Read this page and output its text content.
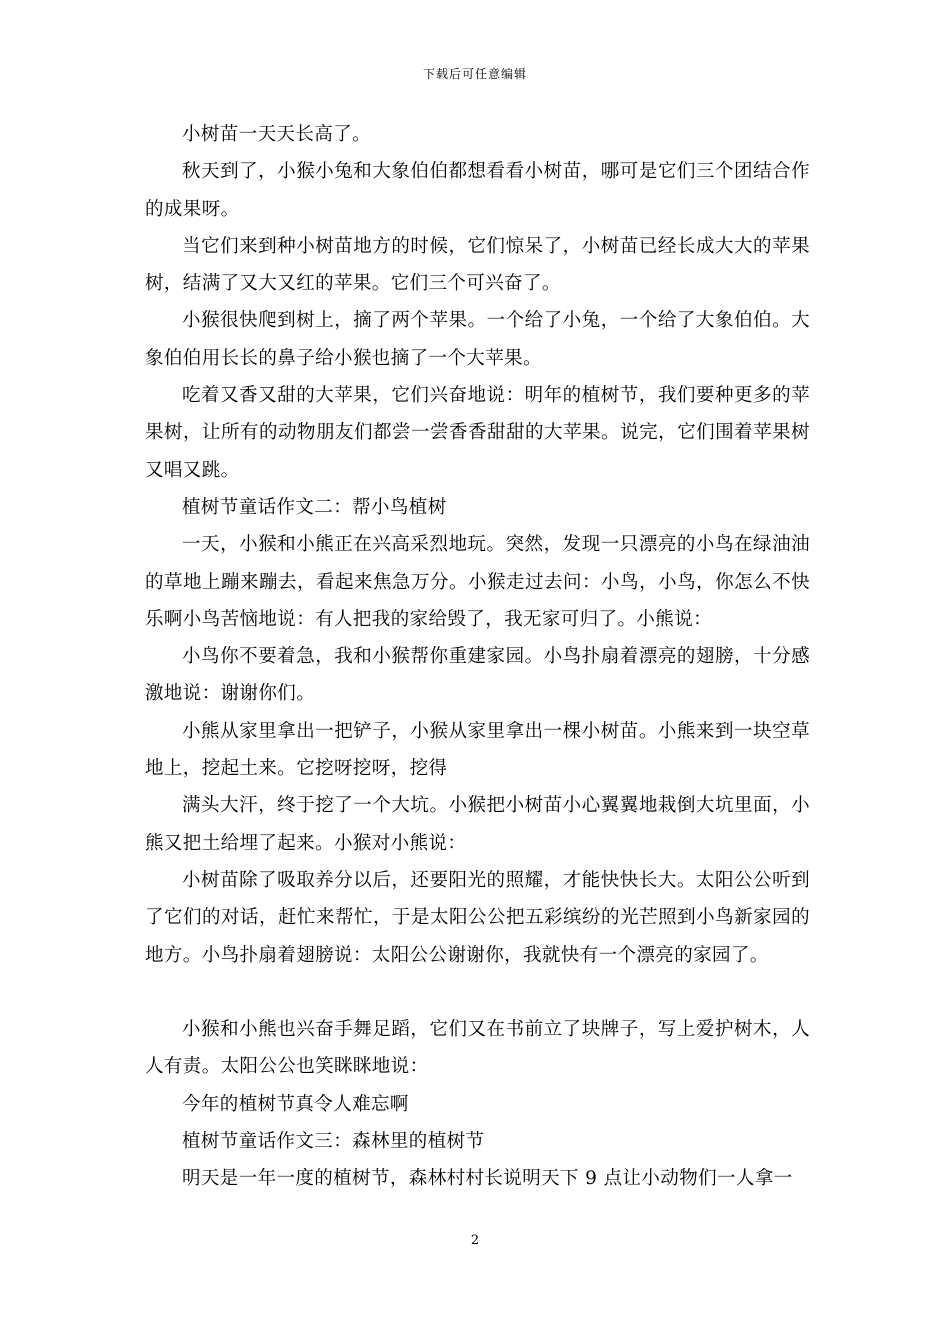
下载后可任意编辑

小树苗一天天长高了。

秋天到了，小猴小兔和大象伯伯都想看看小树苗，哪可是它们三个团结合作的成果呀。

当它们来到种小树苗地方的时候，它们惊呆了，小树苗已经长成大大的苹果树，结满了又大又红的苹果。它们三个可兴奋了。

小猴很快爬到树上，摘了两个苹果。一个给了小兔，一个给了大象伯伯。大象伯伯用长长的鼻子给小猴也摘了一个大苹果。

吃着又香又甜的大苹果，它们兴奋地说：明年的植树节，我们要种更多的苹果树，让所有的动物朋友们都尝一尝香香甜甜的大苹果。说完，它们围着苹果树又唱又跳。

植树节童话作文二：帮小鸟植树

一天，小猴和小熊正在兴高采烈地玩。突然，发现一只漂亮的小鸟在绿油油的草地上蹦来蹦去，看起来焦急万分。小猴走过去问：小鸟，小鸟，你怎么不快乐啊小鸟苦恼地说：有人把我的家给毁了，我无家可归了。小熊说：

小鸟你不要着急，我和小猴帮你重建家园。小鸟扑扇着漂亮的翅膀，十分感激地说：谢谢你们。

小熊从家里拿出一把铲子，小猴从家里拿出一棵小树苗。小熊来到一块空草地上，挖起土来。它挖呀挖呀，挖得

满头大汗，终于挖了一个大坑。小猴把小树苗小心翼翼地栽倒大坑里面，小熊又把土给埋了起来。小猴对小熊说：

小树苗除了吸取养分以后，还要阳光的照耀，才能快快长大。太阳公公听到了它们的对话，赶忙来帮忙，于是太阳公公把五彩缤纷的光芒照到小鸟新家园的地方。小鸟扑扇着翅膀说：太阳公公谢谢你，我就快有一个漂亮的家园了。

小猴和小熊也兴奋手舞足蹈，它们又在书前立了块牌子，写上爱护树木，人人有责。太阳公公也笑眯眯地说：

今年的植树节真令人难忘啊

植树节童话作文三：森林里的植树节

明天是一年一度的植树节，森林村村长说明天下 9 点让小动物们一人拿一

2
